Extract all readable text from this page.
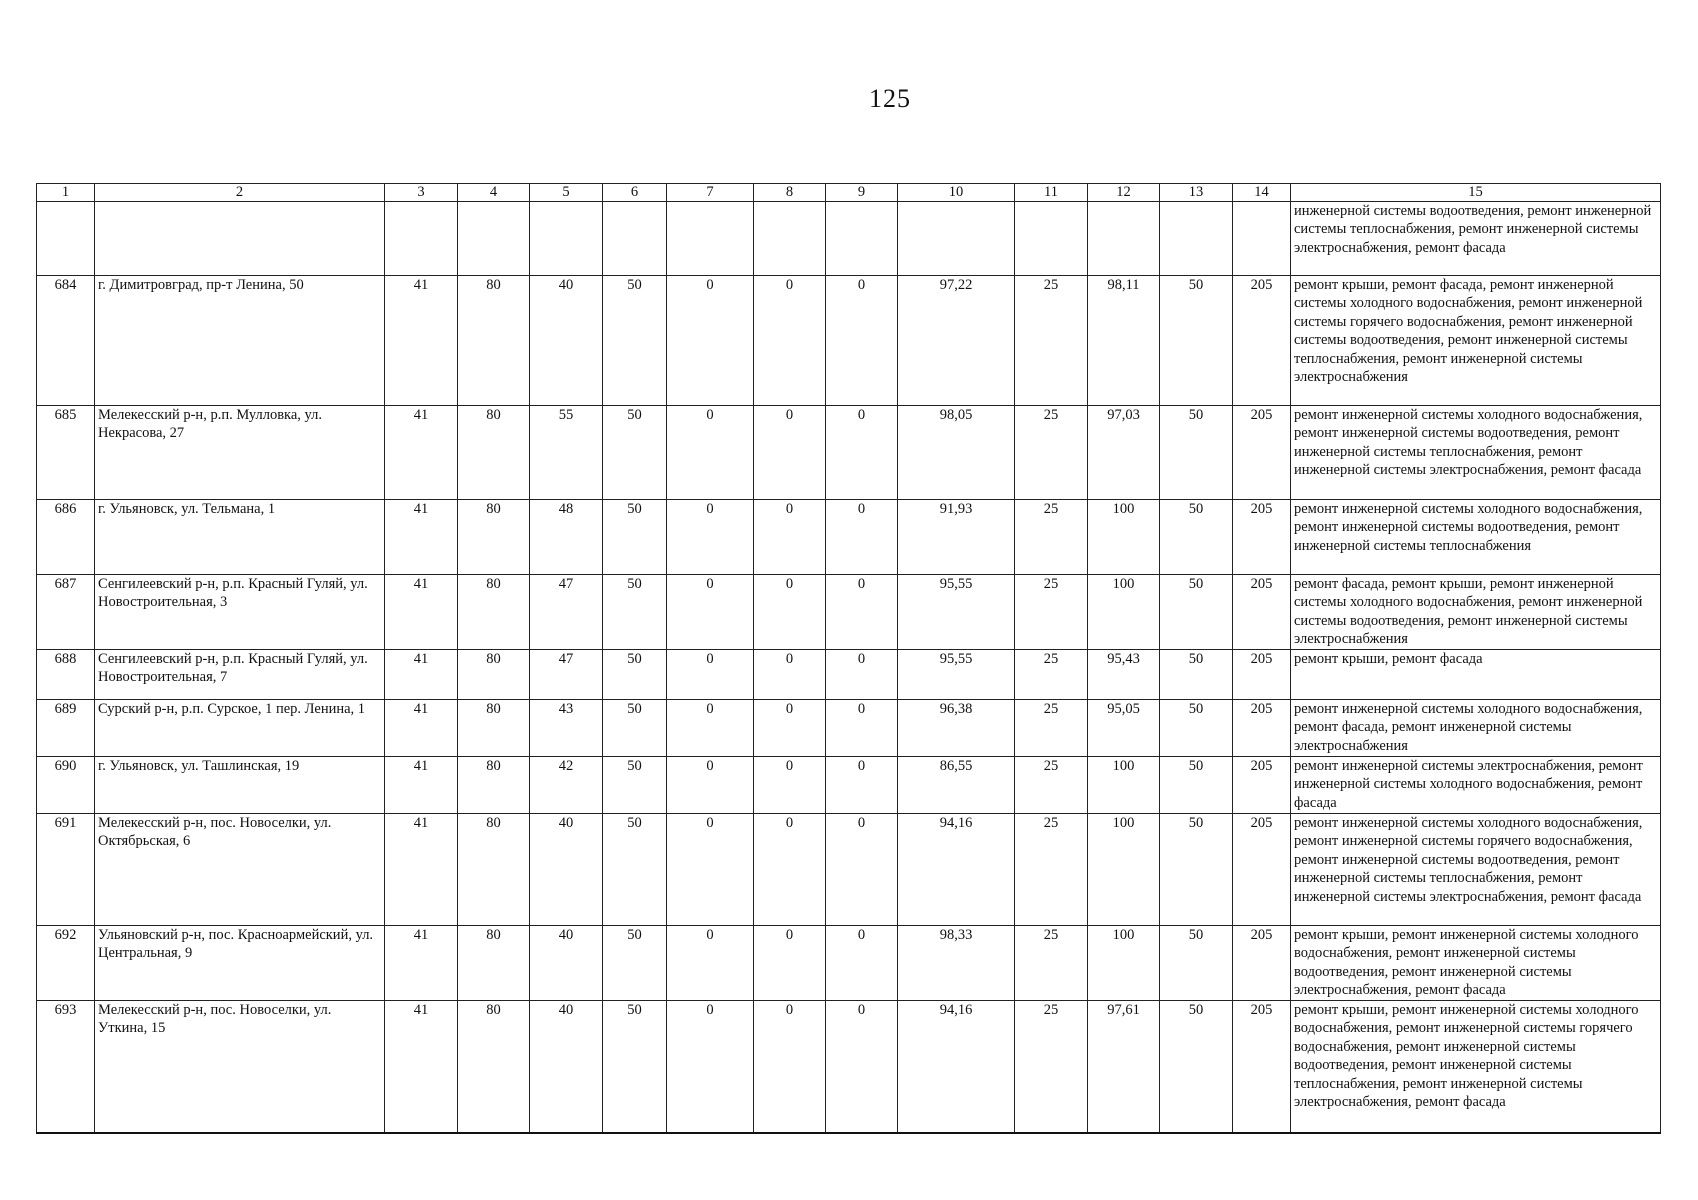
125
1	2	3	4	5	6	7	8	9	10	11	12	13	14	15
														инженерной системы водоотведения, ремонт инженерной системы теплоснабжения, ремонт инженерной системы электроснабжения, ремонт фасада
684	г. Димитровград, пр-т Ленина, 50	41	80	40	50	0	0	0	97,22	25	98,11	50	205	ремонт крыши, ремонт фасада, ремонт инженерной системы холодного водоснабжения, ремонт инженерной системы горячего водоснабжения, ремонт инженерной системы водоотведения, ремонт инженерной системы теплоснабжения, ремонт инженерной системы электроснабжения
685	Мелекесский р-н, р.п. Мулловка, ул. Некрасова, 27	41	80	55	50	0	0	0	98,05	25	97,03	50	205	ремонт инженерной системы холодного водоснабжения, ремонт инженерной системы водоотведения, ремонт инженерной системы теплоснабжения, ремонт инженерной системы электроснабжения, ремонт фасада
686	г. Ульяновск, ул. Тельмана, 1	41	80	48	50	0	0	0	91,93	25	100	50	205	ремонт инженерной системы холодного водоснабжения, ремонт инженерной системы водоотведения, ремонт инженерной системы теплоснабжения
687	Сенгилеевский р-н, р.п. Красный Гуляй, ул. Новостроительная, 3	41	80	47	50	0	0	0	95,55	25	100	50	205	ремонт фасада, ремонт крыши, ремонт инженерной системы холодного водоснабжения, ремонт инженерной системы водоотведения, ремонт инженерной системы электроснабжения
688	Сенгилеевский р-н, р.п. Красный Гуляй, ул. Новостроительная, 7	41	80	47	50	0	0	0	95,55	25	95,43	50	205	ремонт крыши, ремонт фасада
689	Сурский р-н, р.п. Сурское, 1 пер. Ленина, 1	41	80	43	50	0	0	0	96,38	25	95,05	50	205	ремонт инженерной системы холодного водоснабжения, ремонт фасада, ремонт инженерной системы электроснабжения
690	г. Ульяновск, ул. Ташлинская, 19	41	80	42	50	0	0	0	86,55	25	100	50	205	ремонт инженерной системы электроснабжения, ремонт инженерной системы холодного водоснабжения, ремонт фасада
691	Мелекесский р-н, пос. Новоселки, ул. Октябрьская, 6	41	80	40	50	0	0	0	94,16	25	100	50	205	ремонт инженерной системы холодного водоснабжения, ремонт инженерной системы горячего водоснабжения, ремонт инженерной системы водоотведения, ремонт инженерной системы теплоснабжения, ремонт инженерной системы электроснабжения, ремонт фасада
692	Ульяновский р-н, пос. Красноармейский, ул. Центральная, 9	41	80	40	50	0	0	0	98,33	25	100	50	205	ремонт крыши, ремонт инженерной системы холодного водоснабжения, ремонт инженерной системы водоотведения, ремонт инженерной системы электроснабжения, ремонт фасада
693	Мелекесский р-н, пос. Новоселки, ул. Уткина, 15	41	80	40	50	0	0	0	94,16	25	97,61	50	205	ремонт крыши, ремонт инженерной системы холодного водоснабжения, ремонт инженерной системы горячего водоснабжения, ремонт инженерной системы водоотведения, ремонт инженерной системы теплоснабжения, ремонт инженерной системы электроснабжения, ремонт фасада
